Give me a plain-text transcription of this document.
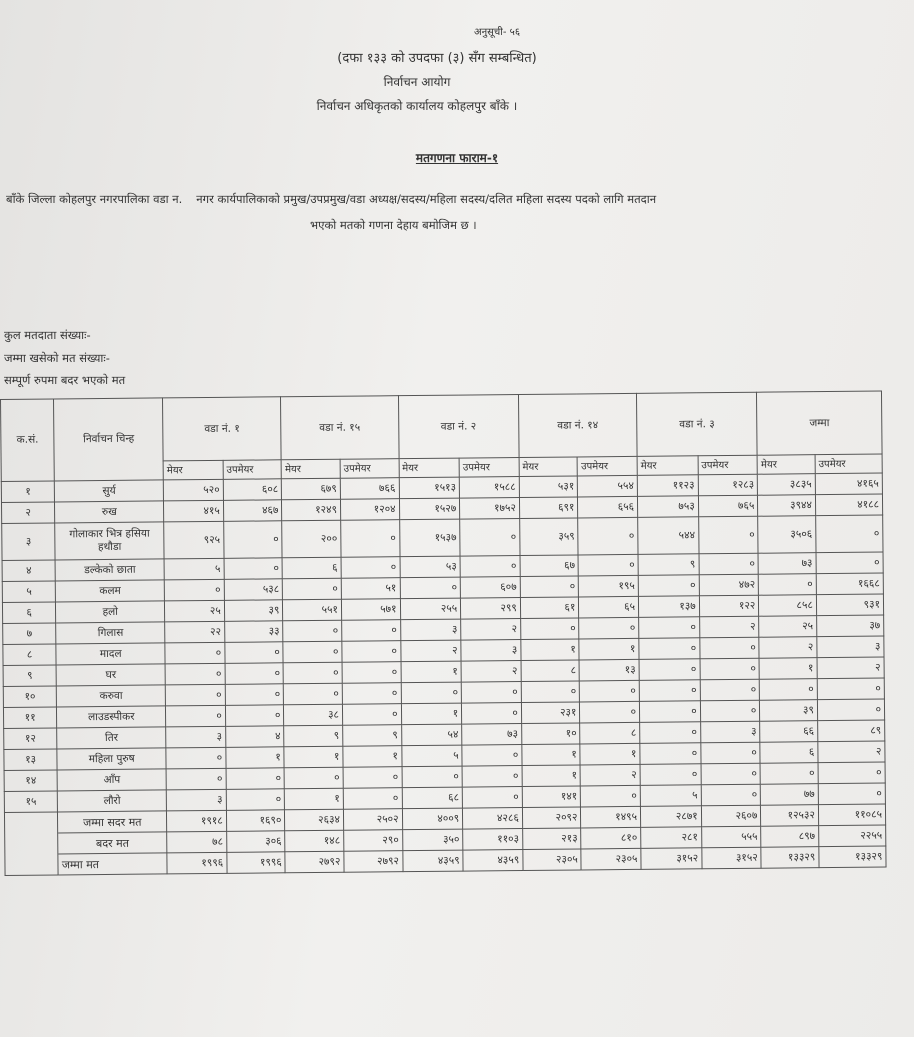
अनुसूची- ५६
(दफा १३३ को उपदफा (३) सँग सम्बन्धित)
निर्वाचन आयोग
निर्वाचन अधिकृतको कार्यालय कोहलपुर बाँके ।
मतगणना फाराम-१
बाँके जिल्ला कोहलपुर नगरपालिका वडा न. नगर कार्यपालिकाको प्रमुख/उपप्रमुख/वडा अध्यक्ष/सदस्य/महिला सदस्य/दलित महिला सदस्य पदको लागि मतदान
भएको मतको गणना देहाय बमोजिम छ ।
कुल मतदाता संख्याः-
जम्मा खसेको मत संख्याः-
सम्पूर्ण रुपमा बदर भएको मत
क.सं.	निर्वाचन चिन्ह	वडा नं. १		वडा नं. १५		वडा नं. २		वडा नं. १४		वडा नं. ३		जम्मा	
		मेयर	उपमेयर	मेयर	उपमेयर	मेयर	उपमेयर	मेयर	उपमेयर	मेयर	उपमेयर	मेयर	उपमेयर
१	सुर्य	५२०	६०८	६७९	७६६	१५१३	१५८८	५३१	५५४	११२३	१२८३	३८३५	४१६५
२	रुख	४१५	४६७	१२४९	१२०४	१५२७	१७५२	६९१	६५६	७५३	७६५	३९४४	४१८८
३	गोलाकार भित्र हसिया हथौडा	९२५	०	२००	०	१५३७	०	३५९	०	५४४	०	३५०६	०
४	डल्केको छाता	५	०	६	०	५३	०	६७	०	९	०	७३	०
५	कलम	०	५३८	०	५१	०	६०७	०	१९५	०	४७२	०	१६६८
६	हलो	२५	३९	५५१	५७१	२५५	२९९	६१	६५	१३७	१२२	८५८	९३१
७	गिलास	२२	३३	०	०	३	२	०	०	०	२	२५	३७
८	मादल	०	०	०	०	२	३	१	१	०	०	२	३
९	घर	०	०	०	०	१	२	८	१३	०	०	१	२
१०	करुवा	०	०	०	०	०	०	०	०	०	०	०	०
११	लाउडस्पीकर	०	०	३८	०	१	०	२३१	०	०	०	३९	०
१२	तिर	३	४	९	९	५४	७३	१०	८	०	३	६६	८९
१३	महिला पुरुष	०	१	१	१	५	०	१	१	०	०	६	२
१४	आँप	०	०	०	०	०	०	१	२	०	०	०	०
१५	लौरो	३	०	१	०	६८	०	१४१	०	५	०	७७	०
	जम्मा सदर मत	१९१८	१६९०	२६३४	२५०२	४००९	४२८६	२०९२	१४९५	२८७१	२६०७	१२५३२	११०८५
	बदर मत	७८	३०६	१४८	२९०	३५०	११०३	२१३	८१०	२८१	५५५	८९७	२२५५
	जम्मा मत	१९९६	१९९६	२७९२	२७९२	४३५९	४३५९	२३०५	२३०५	३१५२	३१५२	१३३२९	१३३२९
